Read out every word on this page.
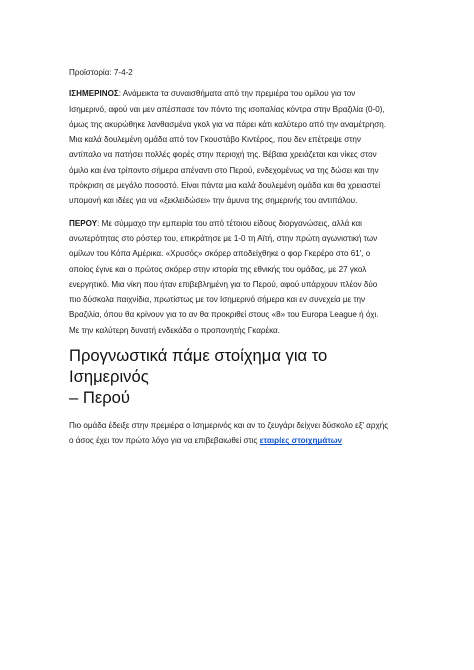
Προϊστορία: 7-4-2

ΙΣΗΜΕΡΙΝΟΣ: Ανάμεικτα τα συναισθήματα από την πρεμιέρα του ομίλου για τον
Ισημερινό, αφού ναι μεν απέσπασε τον πόντο της ισοπαλίας κόντρα στην Βραζιλία (0-0),
όμως της ακυρώθηκε λανθασμένα γκολ για να πάρει κάτι καλύτερο από την αναμέτρηση.
Μια καλά δουλεμένη ομάδα από τον Γκουστάβο Κιντέρος, που δεν επέτρεψε στην
αντίπαλο να πατήσει πολλές φορές στην περιοχή της. Βέβαια χρειάζεται και νίκες στον
όμιλο και ένα τρίποντο σήμερα απέναντι στο Περού, ενδεχομένως να της δώσει και την
πρόκριση σε μεγάλο ποσοστό. Είναι πάντα μια καλά δουλεμένη ομάδα και θα χρειαστεί
υπομονή και ιδέες για να «ξεκλειδώσει» την άμυνα της σημερινής του αντιπάλου.
ΠΕΡΟΥ: Με σύμμαχο την εμπειρία του από τέτοιου είδους διοργανώσεις, αλλά και
ανωτερότητας στο ρόστερ του, επικράτησε με 1-0 τη Αϊτή, στην πρώτη αγωνιστική των
ομίλων του Κόπα Αμέρικα. «Χρυσός» σκόρερ αποδείχθηκε ο φορ Γκερέρο στο 61', ο
οποίος έγινε και ο πρώτος σκόρερ στην ιστορία της εθνικής του ομάδας, με 27 γκολ
ενεργητικό. Μια νίκη που ήταν επιβεβλημένη για το Περού, αφού υπάρχουν πλέον δύο
πιο δύσκολα παιχνίδια, πρωτίστως με τον Ισημερινό σήμερα και εν συνεχεία με την
Βραζιλία, όπου θα κρίνουν για το αν θα προκριθεί στους «8» του Europa League ή όχι.
Με την καλύτερη δυνατή ενδεκάδα ο προπονητής Γκαρέκα.
Προγνωστικά πάμε στοίχημα για το Ισημερινός
– Περού
Πιο ομάδα έδειξε στην πρεμιέρα ο Ισημερινός και αν το ζευγάρι δείχνει δύσκολο εξ' αρχής
ο άσος έχει τον πρώτο λόγο για να επιβεβαιωθεί στις εταιρίες στοιχημάτων
